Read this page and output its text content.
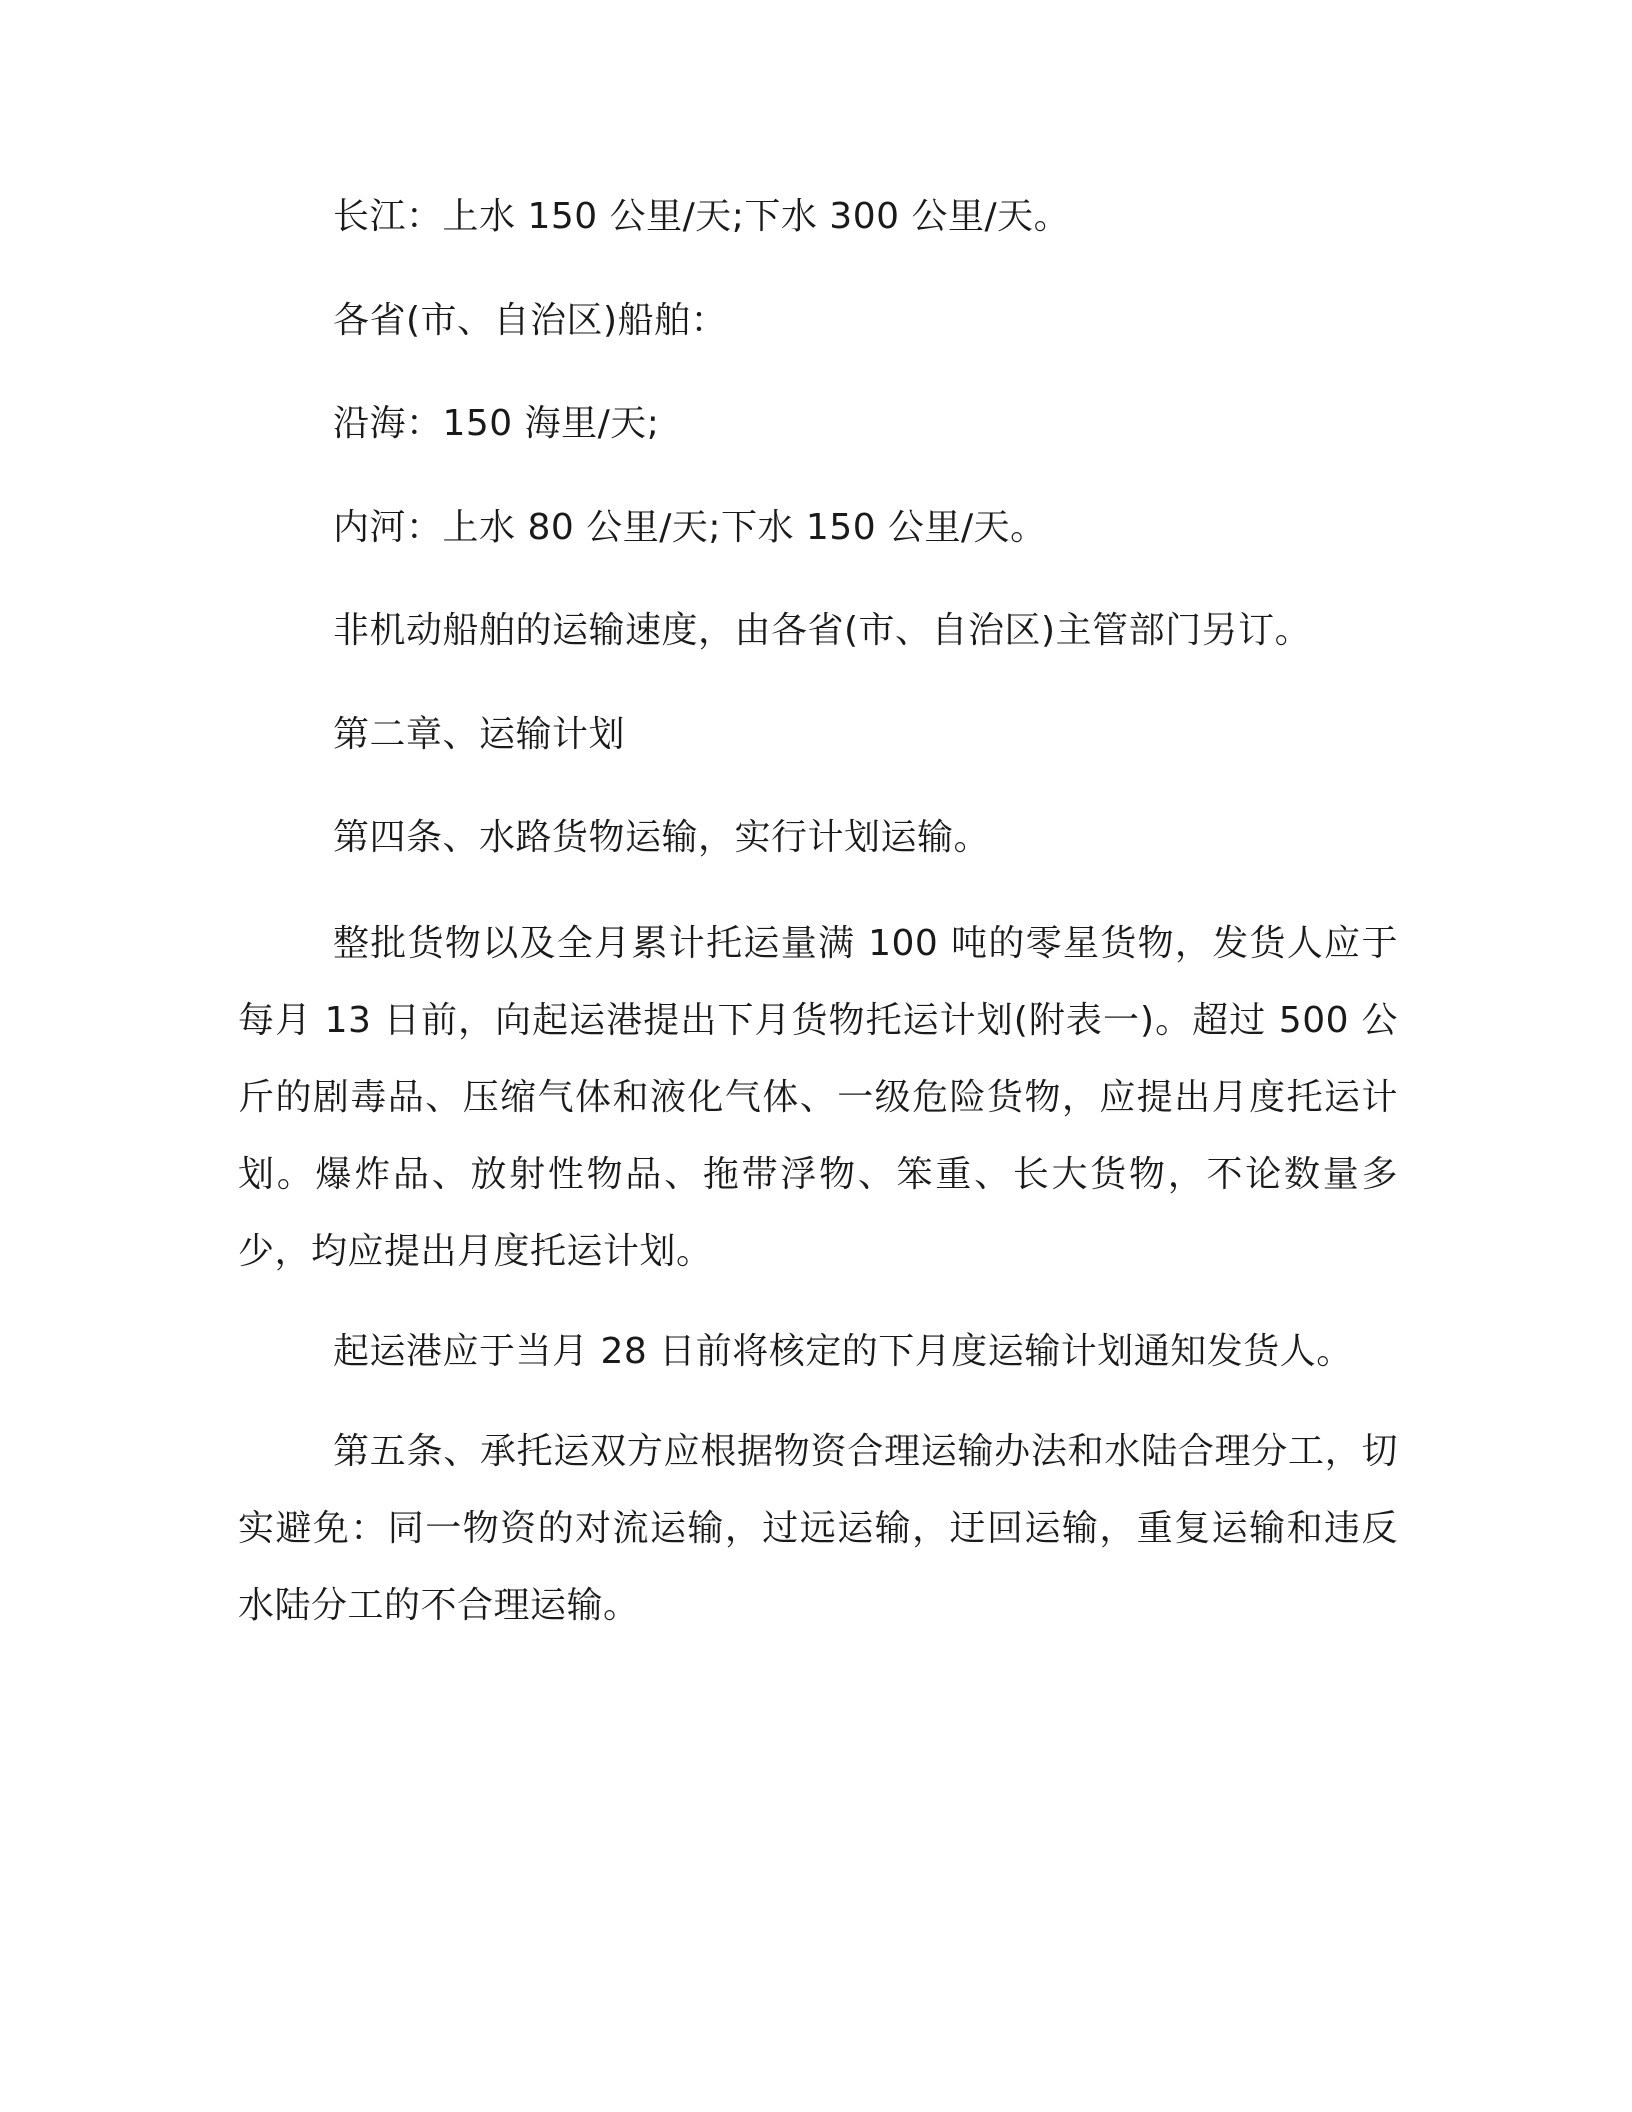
长江：上水 150 公里/天;下水 300 公里/天。
各省(市、自治区)船舶：
沿海：150 海里/天;
内河：上水 80 公里/天;下水 150 公里/天。
非机动船舶的运输速度，由各省(市、自治区)主管部门另订。
第二章、运输计划
第四条、水路货物运输，实行计划运输。

整批货物以及全月累计托运量满 100 吨的零星货物，发货人应于每月 13 日前，向起运港提出下月货物托运计划(附表一)。超过 500 公斤的剧毒品、压缩气体和液化气体、一级危险货物，应提出月度托运计划。爆炸品、放射性物品、拖带浮物、笨重、长大货物，不论数量多少，均应提出月度托运计划。

起运港应于当月 28 日前将核定的下月度运输计划通知发货人。

第五条、承托运双方应根据物资合理运输办法和水陆合理分工，切实避免：同一物资的对流运输，过远运输，迂回运输，重复运输和违反水陆分工的不合理运输。
